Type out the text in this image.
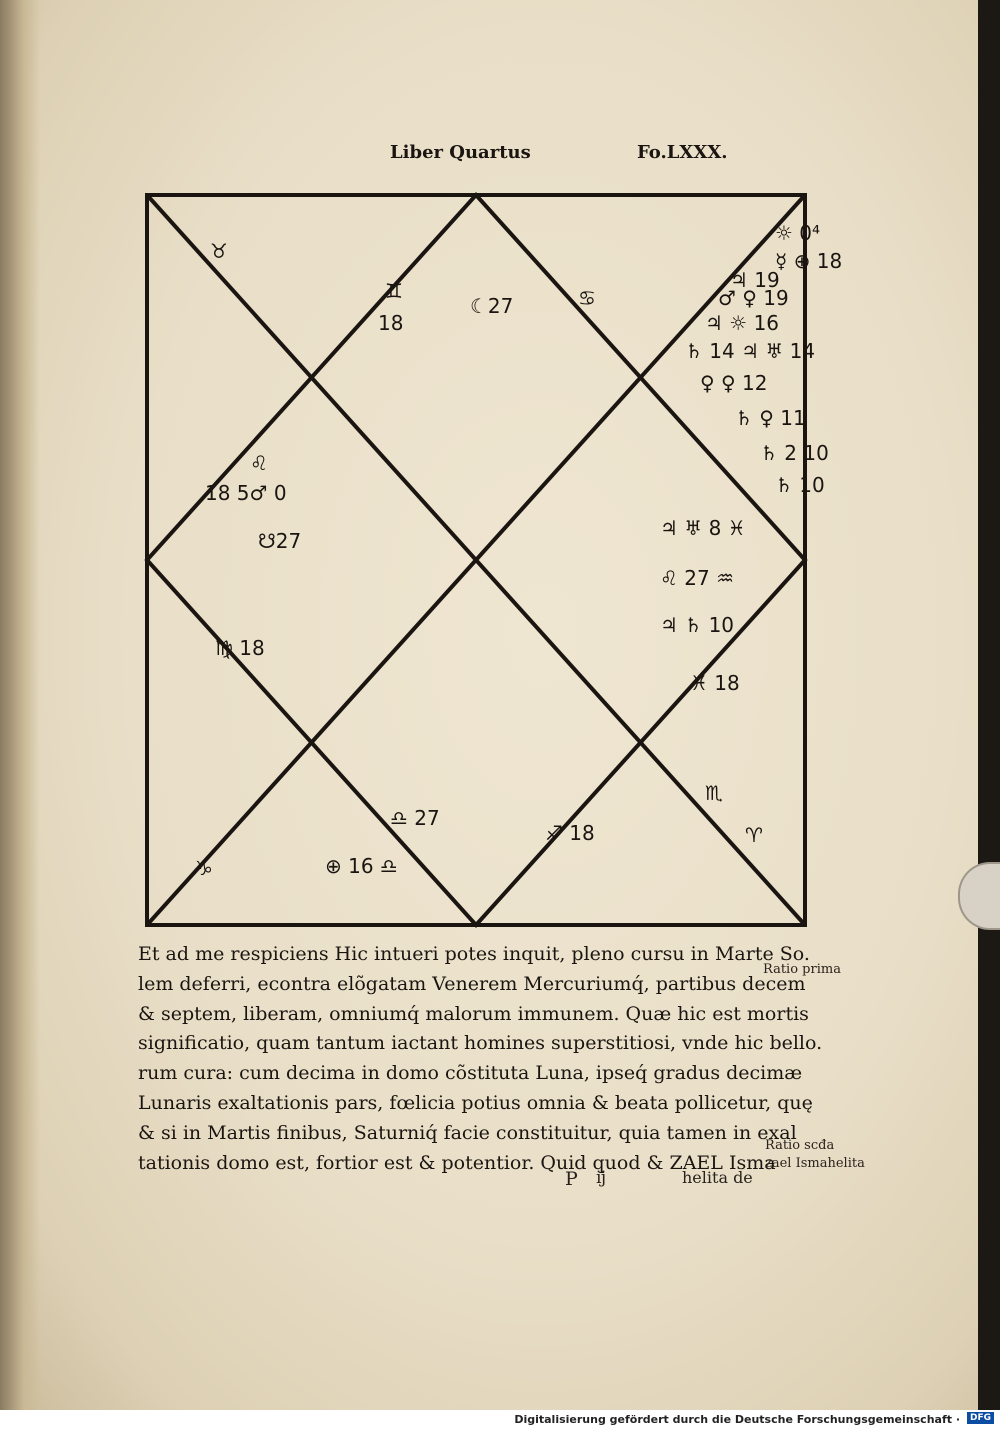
Liber Quartus	Fo.LXXX.
♉
18
♊
☾27	♋
☼ 0⁴
☿ ⊕ 18
♃ 19
♂ ♀ 19
♃ ☼ 16
♄ 14 ♃ ♅ 14
♀ ♀ 12
♄ ♀ 11
♄ 2 10
♄ 10
♌
18 5♂ 0
☋27
♃ ♅ 8 ♓
♌ 27 ♒
♃ ♄ 10
♍ 18
♓ 18
♎ 27
♐ 18
♏
♈
♑	⊕ 16 ♎
Et ad me respiciens Hic intueri potes inquit, pleno cursu in Marte So.
lem deferri, econtra elõgatam Venerem Mercuriumq́, partibus decem
& septem, liberam, omniumq́ malorum immunem. Quæ hic est mortis
significatio, quam tantum iactant homines superstitiosi, vnde hic bello.
rum cura: cum decima in domo cõstituta Luna, ipseq́ gradus decimæ
Lunaris exaltationis pars, fœlicia potius omnia & beata pollicetur, quę
& si in Martis finibus, Saturniq́ facie constituitur, quia tamen in exal
tationis domo est, fortior est & potentior. Quid quod & ZAEL Isma
P ĳ	helita de
Ratio prima
Ratio scđa
zael Ismahelita
Digitalisierung gefördert durch die Deutsche Forschungsgemeinschaft ·	DFG
